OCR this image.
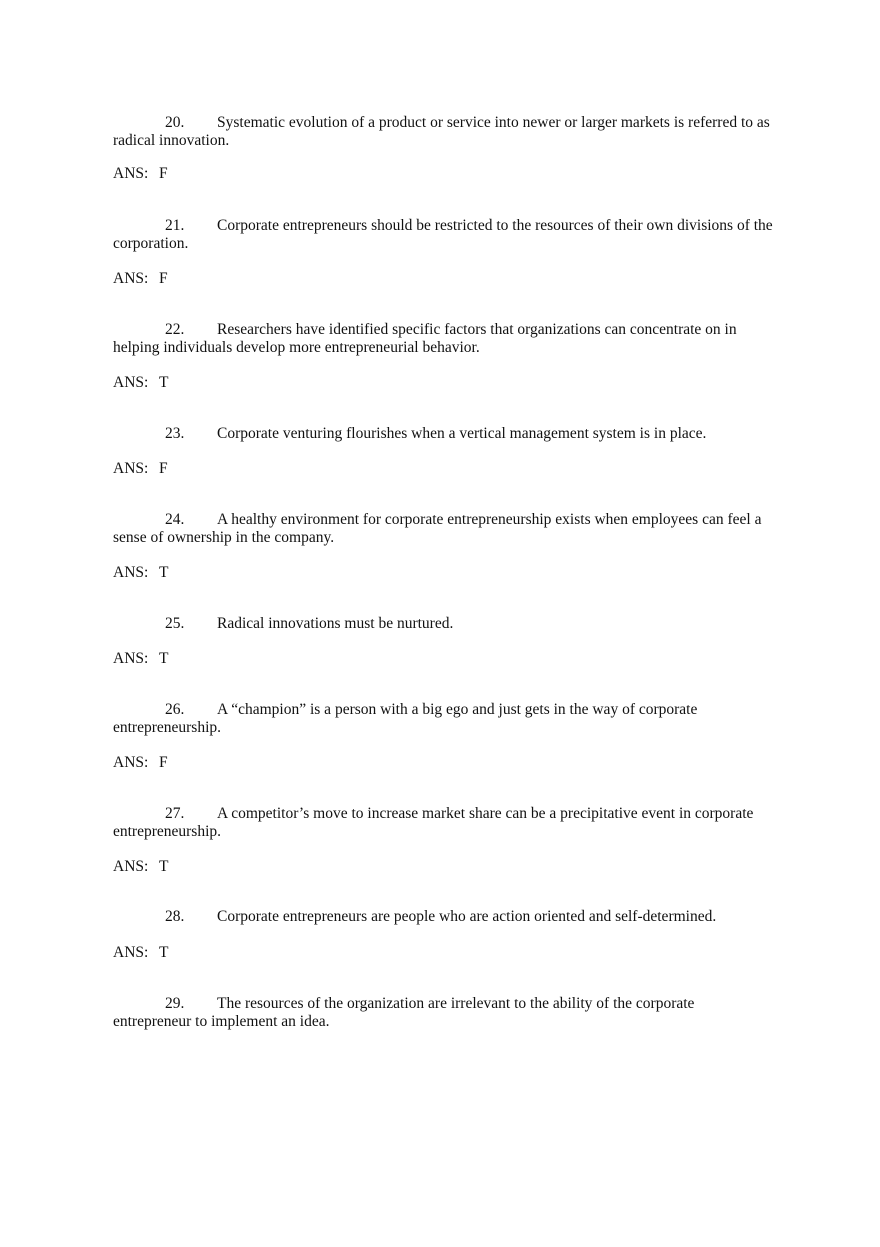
20. Systematic evolution of a product or service into newer or larger markets is referred to as radical innovation.

ANS: F

21. Corporate entrepreneurs should be restricted to the resources of their own divisions of the corporation.

ANS: F

22. Researchers have identified specific factors that organizations can concentrate on in helping individuals develop more entrepreneurial behavior.

ANS: T

23. Corporate venturing flourishes when a vertical management system is in place.

ANS: F

24. A healthy environment for corporate entrepreneurship exists when employees can feel a sense of ownership in the company.

ANS: T

25. Radical innovations must be nurtured.

ANS: T

26. A “champion” is a person with a big ego and just gets in the way of corporate entrepreneurship.

ANS: F

27. A competitor’s move to increase market share can be a precipitative event in corporate entrepreneurship.

ANS: T

28. Corporate entrepreneurs are people who are action oriented and self-determined.

ANS: T

29. The resources of the organization are irrelevant to the ability of the corporate entrepreneur to implement an idea.
